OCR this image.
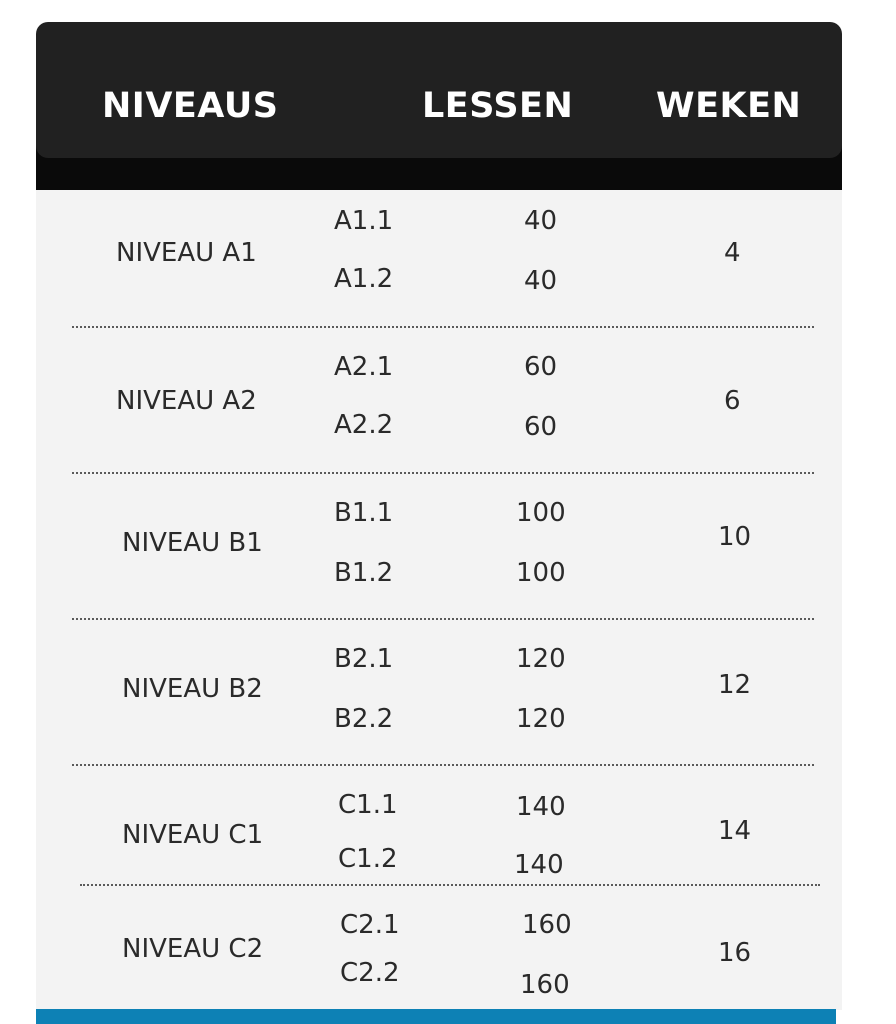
NIVEAUS	LESSEN WEKEN
NIVEAU A1
A1.1
A1.2
40
40
4
NIVEAU A2
A2.1
A2.2
60
60
6
NIVEAU B1
B1.1
B1.2
100
100
10
NIVEAU B2
B2.1
B2.2
120
120
12
NIVEAU C1
C1.1
C1.2
140
140
14
NIVEAU C2
C2.1
C2.2
160
160
16
